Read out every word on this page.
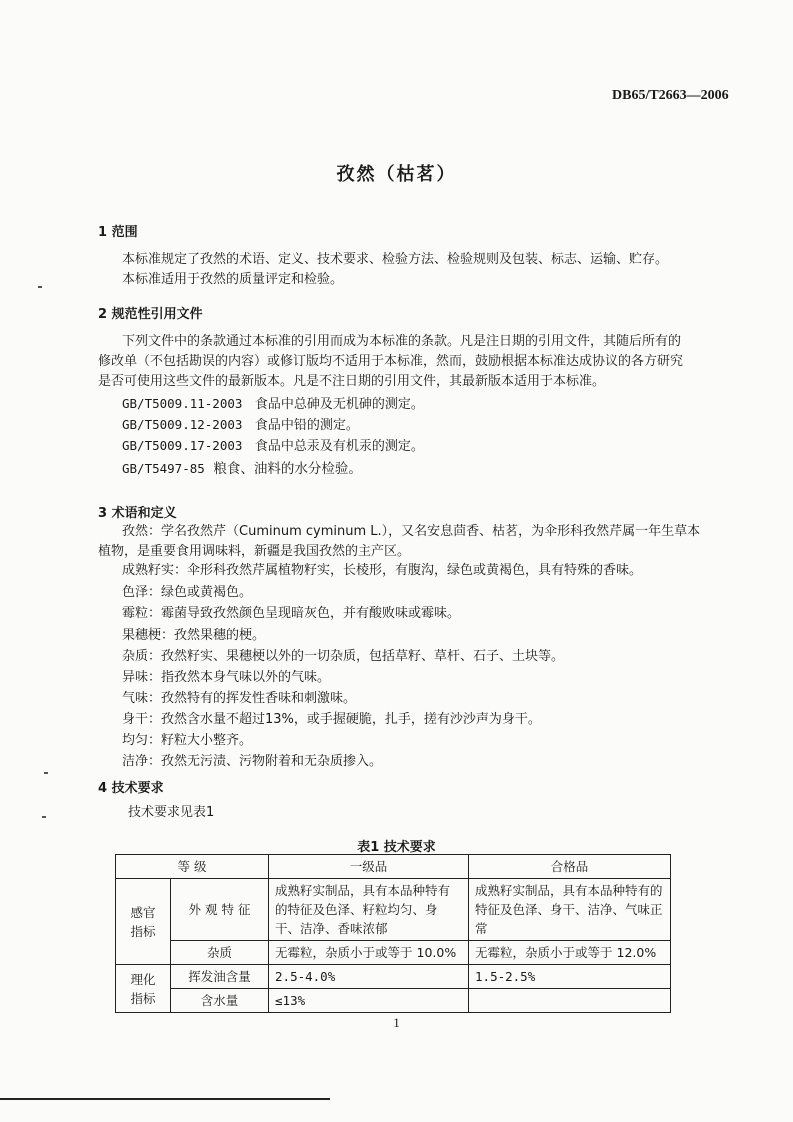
DB65/T2663—2006
孜然（枯茗）
1 范围
本标准规定了孜然的术语、定义、技术要求、检验方法、检验规则及包装、标志、运输、贮存。
本标准适用于孜然的质量评定和检验。
2 规范性引用文件
下列文件中的条款通过本标准的引用而成为本标准的条款。凡是注日期的引用文件，其随后所有的
修改单（不包括勘误的内容）或修订版均不适用于本标准，然而，鼓励根据本标准达成协议的各方研究
是否可使用这些文件的最新版本。凡是不注日期的引用文件，其最新版本适用于本标准。
GB/T5009.11-2003 食品中总砷及无机砷的测定。
GB/T5009.12-2003 食品中铅的测定。
GB/T5009.17-2003 食品中总汞及有机汞的测定。
GB/T5497-85 粮食、油料的水分检验。
3 术语和定义
孜然：学名孜然芹（Cuminum cyminum L.），又名安息茴香、枯茗，为伞形科孜然芹属一年生草本
植物，是重要食用调味料，新疆是我国孜然的主产区。
成熟籽实：伞形科孜然芹属植物籽实，长棱形，有腹沟，绿色或黄褐色，具有特殊的香味。
色泽：绿色或黄褐色。
霉粒：霉菌导致孜然颜色呈现暗灰色，并有酸败味或霉味。
果穗梗：孜然果穗的梗。
杂质：孜然籽实、果穗梗以外的一切杂质，包括草籽、草杆、石子、土块等。
异味：指孜然本身气味以外的气味。
气味：孜然特有的挥发性香味和刺激味。
身干：孜然含水量不超过13%，或手握硬脆，扎手，搓有沙沙声为身干。
均匀：籽粒大小整齐。
洁净：孜然无污渍、污物附着和无杂质掺入。
4 技术要求
技术要求见表1
表1 技术要求
等 级		一级品	合格品
感官
指标	外 观 特 征	成熟籽实制品，具有本品种特有的特征及色泽、籽粒均匀、身干、洁净、香味浓郁	成熟籽实制品，具有本品种特有的特征及色泽、身干、洁净、气味正常
	杂质	无霉粒，杂质小于或等于 10.0%	无霉粒，杂质小于或等于 12.0%
理化
指标	挥发油含量	2.5-4.0%	1.5-2.5%
	含水量	≤13%	
1
